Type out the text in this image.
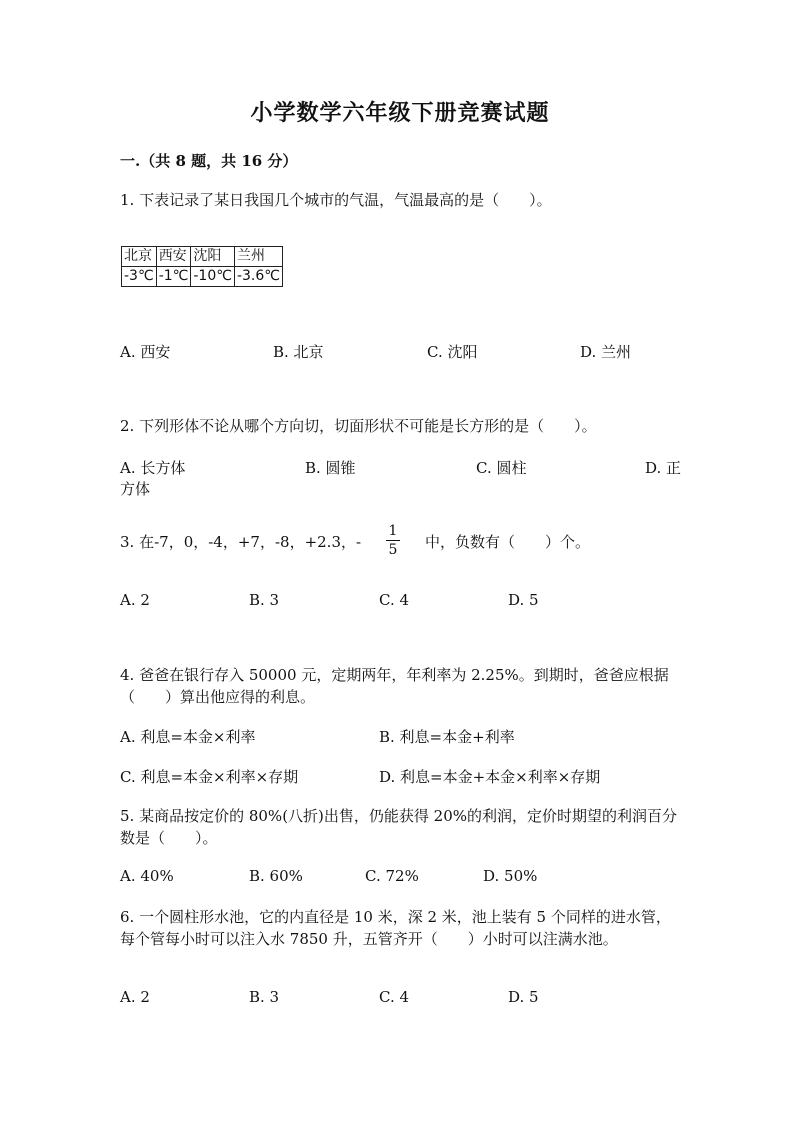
小学数学六年级下册竞赛试题
一.（共 8 题，共 16 分）
1. 下表记录了某日我国几个城市的气温，气温最高的是（　　）。
北京	西安	沈阳	兰州
-3℃	-1℃	-10℃	-3.6℃
A. 西安	B. 北京	C. 沈阳	D. 兰州
2. 下列形体不论从哪个方向切，切面形状不可能是长方形的是（　　）。
A. 长方体	B. 圆锥	C. 圆柱	D. 正
方体
3. 在-7，0，-4，+7，-8，+2.3，-
1
5	中，负数有（　　）个。
A. 2	B. 3	C. 4	D. 5
4. 爸爸在银行存入 50000 元，定期两年，年利率为 2.25%。到期时，爸爸应根据（　　）算出他应得的利息。
A. 利息=本金×利率	B. 利息=本金+利率
C. 利息=本金×利率×存期	D. 利息=本金+本金×利率×存期
5. 某商品按定价的 80%(八折)出售，仍能获得 20%的利润，定价时期望的利润百分数是（　　）。
A. 40%	B. 60%	C. 72%	D. 50%
6. 一个圆柱形水池，它的内直径是 10 米，深 2 米，池上装有 5 个同样的进水管，每个管每小时可以注入水 7850 升，五管齐开（　　）小时可以注满水池。
A. 2	B. 3	C. 4	D. 5
